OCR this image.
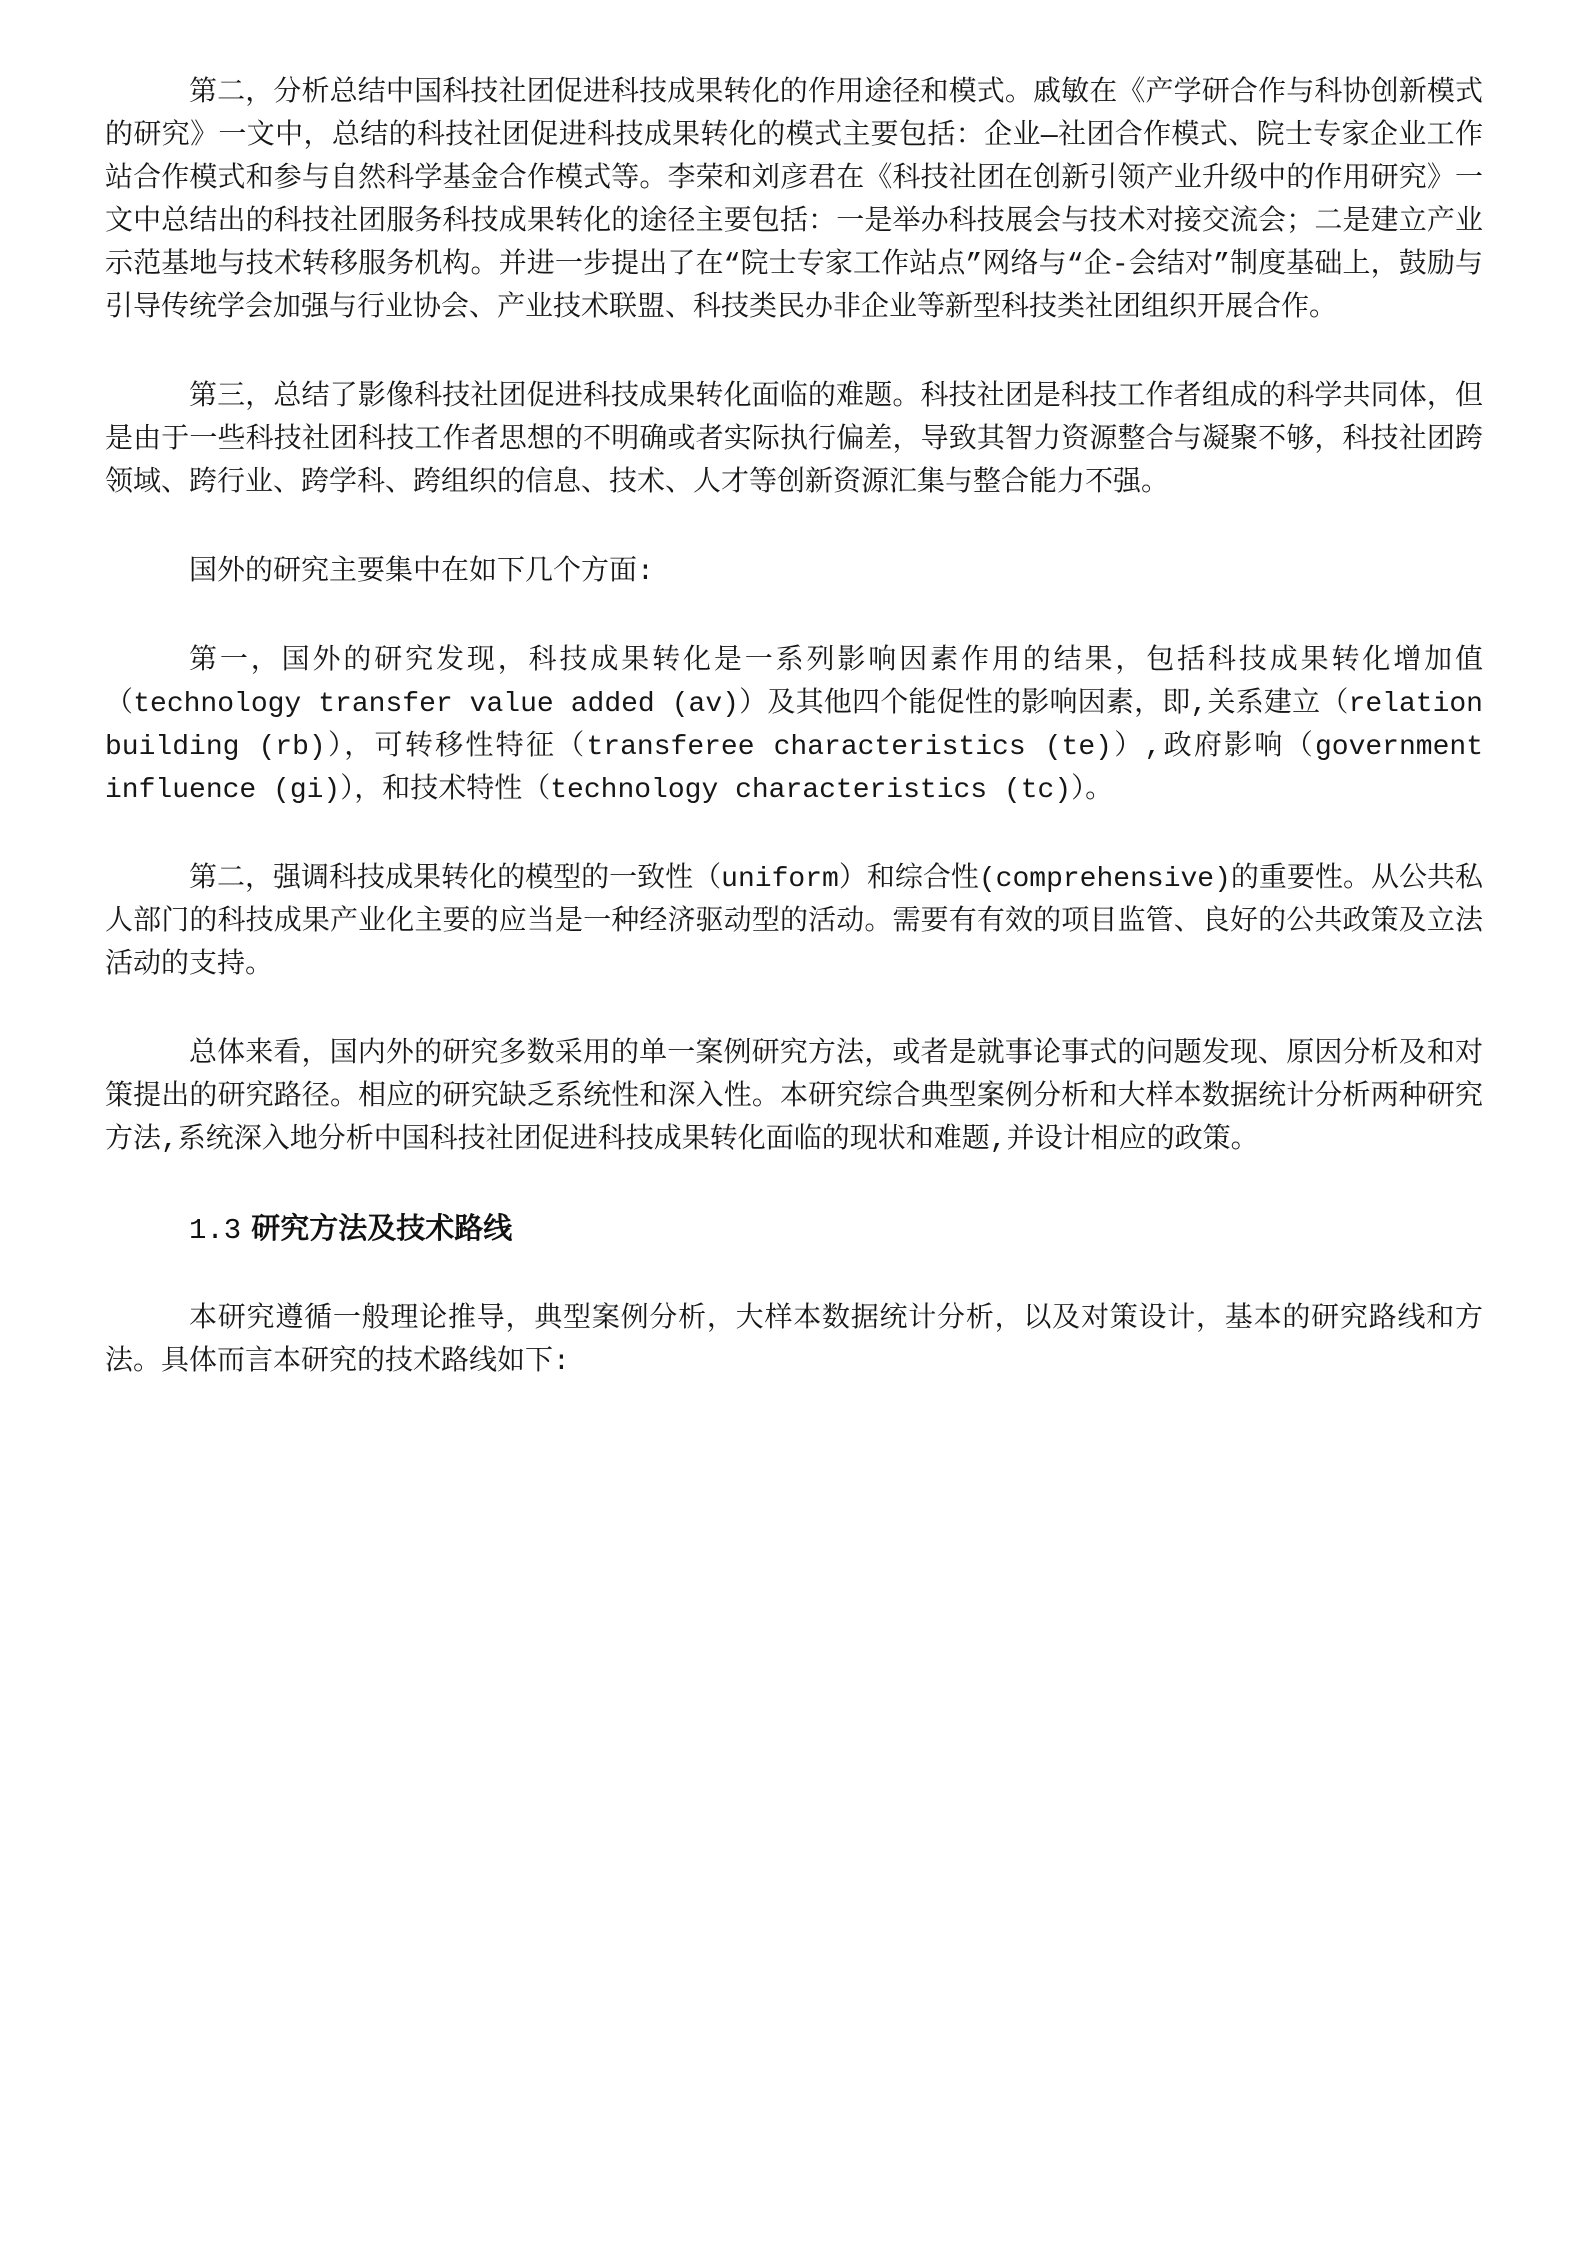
第二，分析总结中国科技社团促进科技成果转化的作用途径和模式。戚敏在《产学研合作与科协创新模式的研究》一文中，总结的科技社团促进科技成果转化的模式主要包括：企业—社团合作模式、院士专家企业工作站合作模式和参与自然科学基金合作模式等。李荣和刘彦君在《科技社团在创新引领产业升级中的作用研究》一文中总结出的科技社团服务科技成果转化的途径主要包括：一是举办科技展会与技术对接交流会；二是建立产业示范基地与技术转移服务机构。并进一步提出了在“院士专家工作站点”网络与“企-会结对”制度基础上，鼓励与引导传统学会加强与行业协会、产业技术联盟、科技类民办非企业等新型科技类社团组织开展合作。

第三，总结了影像科技社团促进科技成果转化面临的难题。科技社团是科技工作者组成的科学共同体，但是由于一些科技社团科技工作者思想的不明确或者实际执行偏差，导致其智力资源整合与凝聚不够，科技社团跨领域、跨行业、跨学科、跨组织的信息、技术、人才等创新资源汇集与整合能力不强。

国外的研究主要集中在如下几个方面:

第一，国外的研究发现，科技成果转化是一系列影响因素作用的结果，包括科技成果转化增加值（technology transfer value added (av)）及其他四个能促性的影响因素，即,关系建立（relation building (rb)），可转移性特征（transferee characteristics (te)）,政府影响（government influence (gi)），和技术特性（technology characteristics (tc)）。

第二，强调科技成果转化的模型的一致性（uniform）和综合性(comprehensive)的重要性。从公共私人部门的科技成果产业化主要的应当是一种经济驱动型的活动。需要有有效的项目监管、良好的公共政策及立法活动的支持。

总体来看，国内外的研究多数采用的单一案例研究方法，或者是就事论事式的问题发现、原因分析及和对策提出的研究路径。相应的研究缺乏系统性和深入性。本研究综合典型案例分析和大样本数据统计分析两种研究方法,系统深入地分析中国科技社团促进科技成果转化面临的现状和难题,并设计相应的政策。

1.3 研究方法及技术路线

本研究遵循一般理论推导，典型案例分析，大样本数据统计分析，以及对策设计，基本的研究路线和方法。具体而言本研究的技术路线如下:
